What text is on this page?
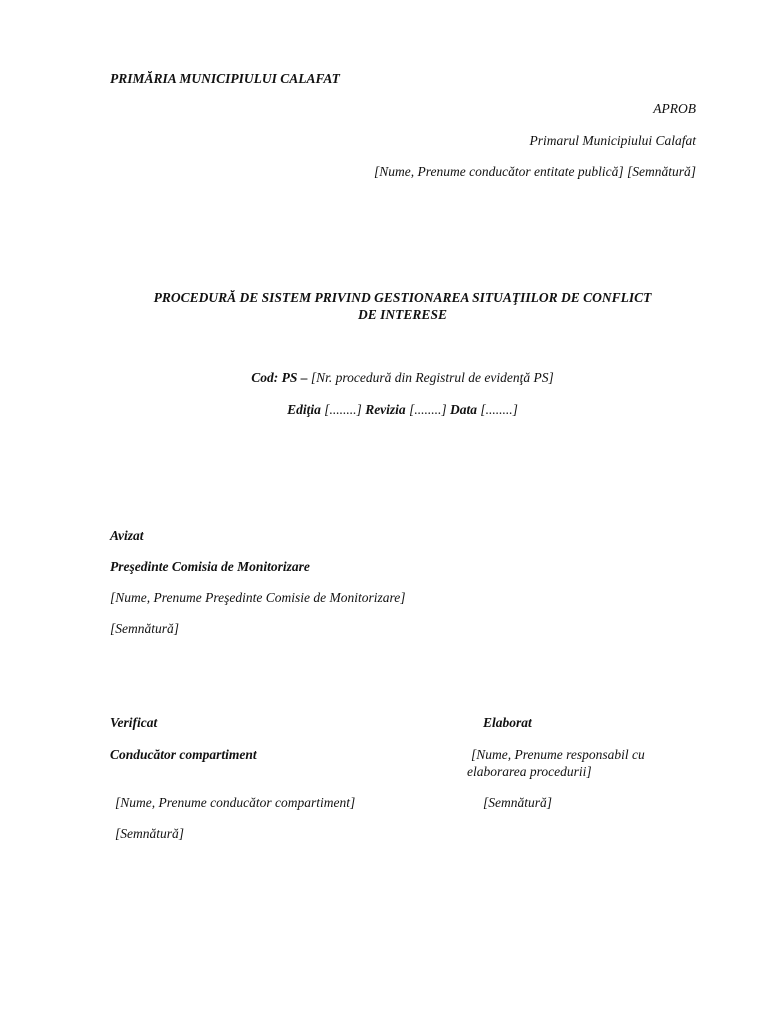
PRIMĂRIA MUNICIPIULUI CALAFAT
APROB
Primarul Municipiului Calafat
[Nume, Prenume conducător entitate publică] [Semnătură]
PROCEDURĂ DE SISTEM PRIVIND GESTIONAREA SITUAŢIILOR DE CONFLICT
DE INTERESE
Cod: PS – [Nr. procedură din Registrul de evidenţă PS]
Ediţia [........] Revizia [........] Data [........]
Avizat
Preşedinte Comisia de Monitorizare
[Nume, Prenume Preşedinte Comisie de Monitorizare]
[Semnătură]
Verificat
Conducător compartiment
[Nume, Prenume conducător compartiment]
[Semnătură]
Elaborat
[Nume, Prenume responsabil cu
elaborarea procedurii]
[Semnătură]
